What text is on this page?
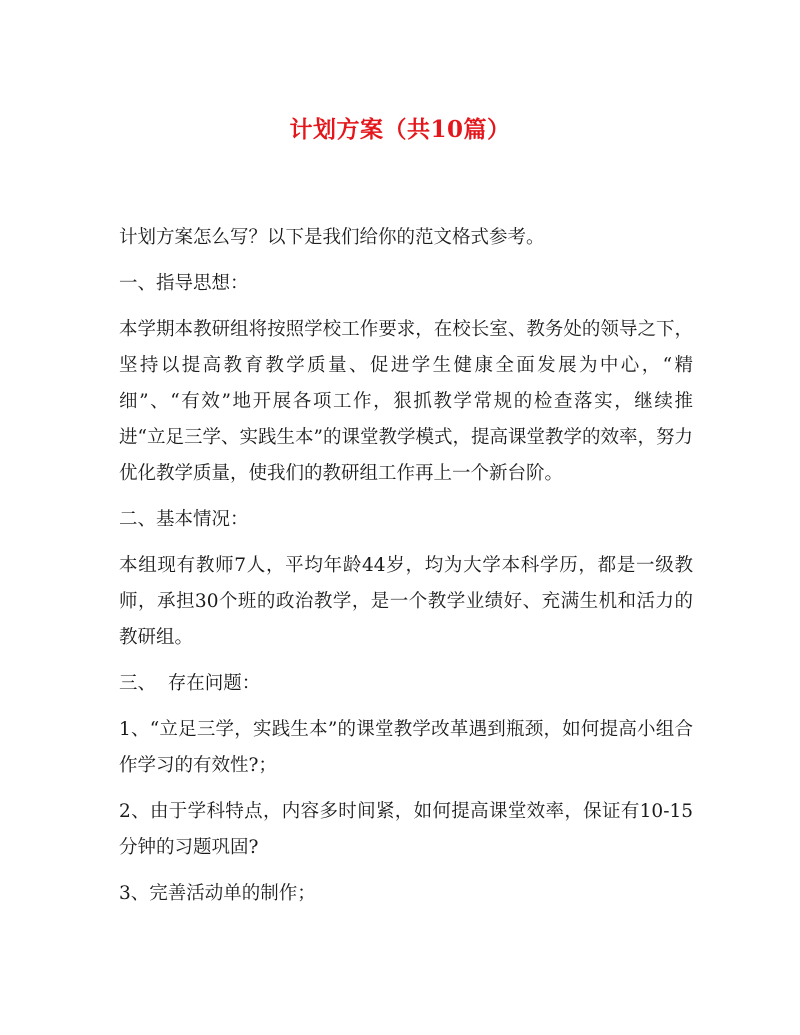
计划方案（共10篇）

计划方案怎么写？以下是我们给你的范文格式参考。

一、指导思想：

本学期本教研组将按照学校工作要求，在校长室、教务处的领导之下，坚持以提高教育教学质量、促进学生健康全面发展为中心，“精细”、“有效”地开展各项工作，狠抓教学常规的检查落实，继续推进“立足三学、实践生本”的课堂教学模式，提高课堂教学的效率，努力优化教学质量，使我们的教研组工作再上一个新台阶。

二、基本情况：

本组现有教师7人，平均年龄44岁，均为大学本科学历，都是一级教师，承担30个班的政治教学，是一个教学业绩好、充满生机和活力的教研组。

三、  存在问题：

1、“立足三学，实践生本”的课堂教学改革遇到瓶颈，如何提高小组合作学习的有效性?；

2、由于学科特点，内容多时间紧，如何提高课堂效率，保证有10-15分钟的习题巩固?

3、完善活动单的制作；
